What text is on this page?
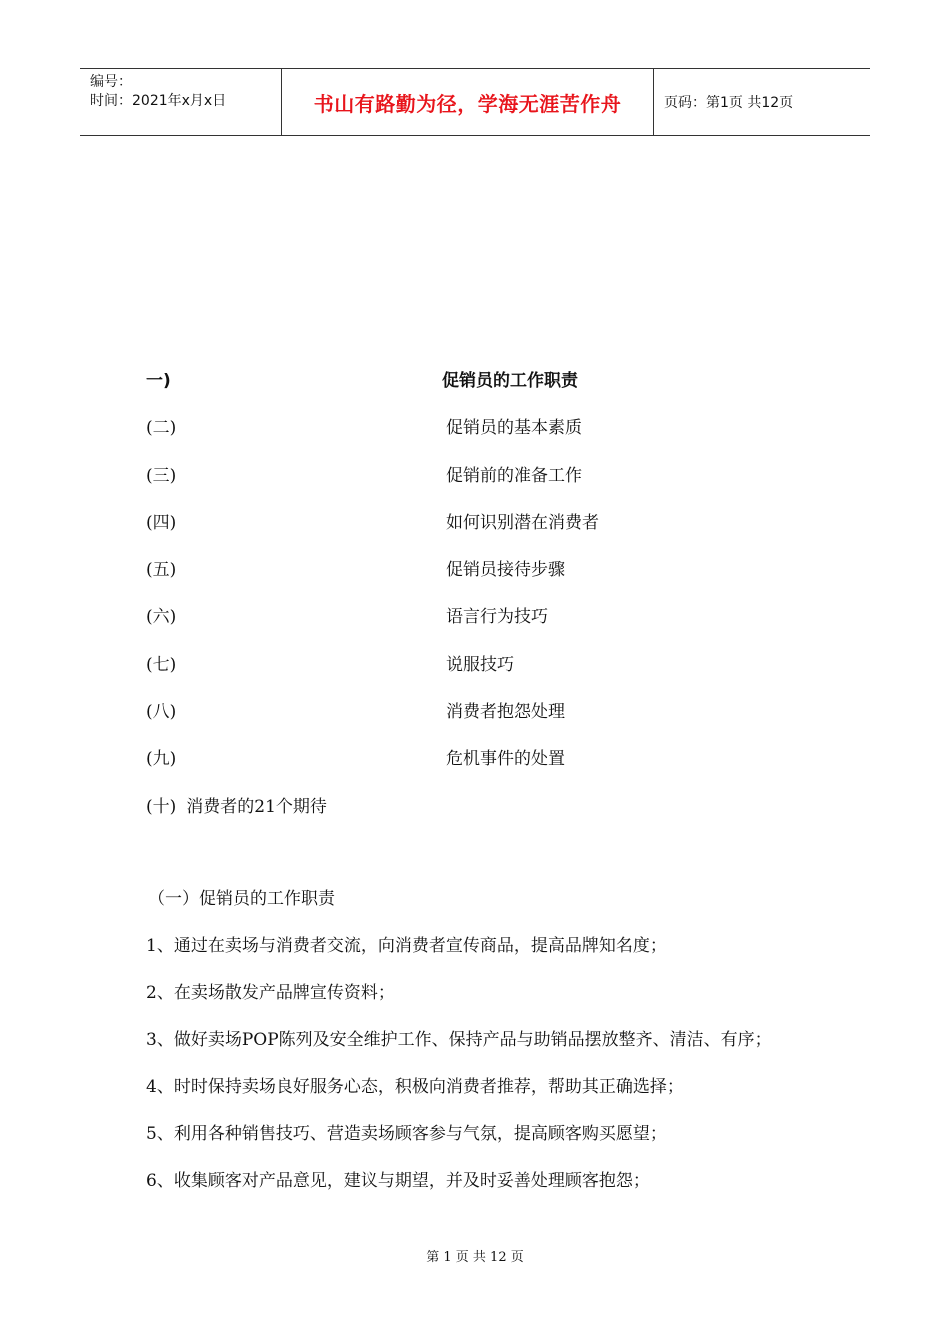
编号：
时间：2021年x月x日	书山有路勤为径，学海无涯苦作舟	页码：第1页 共12页
一)	促销员的工作职责
(二)	促销员的基本素质
(三)	促销前的准备工作
(四)	如何识别潜在消费者
(五)	促销员接待步骤
(六)	语言行为技巧
(七)	说服技巧
(八)	消费者抱怨处理
(九)	危机事件的处置
(十) 消费者的21个期待
（一）促销员的工作职责

1、通过在卖场与消费者交流，向消费者宣传商品，提高品牌知名度；

2、在卖场散发产品牌宣传资料；

3、做好卖场POP陈列及安全维护工作、保持产品与助销品摆放整齐、清洁、有序；

4、时时保持卖场良好服务心态，积极向消费者推荐，帮助其正确选择；

5、利用各种销售技巧、营造卖场顾客参与气氛，提高顾客购买愿望；

6、收集顾客对产品意见，建议与期望，并及时妥善处理顾客抱怨；

第 1 页 共 12 页
